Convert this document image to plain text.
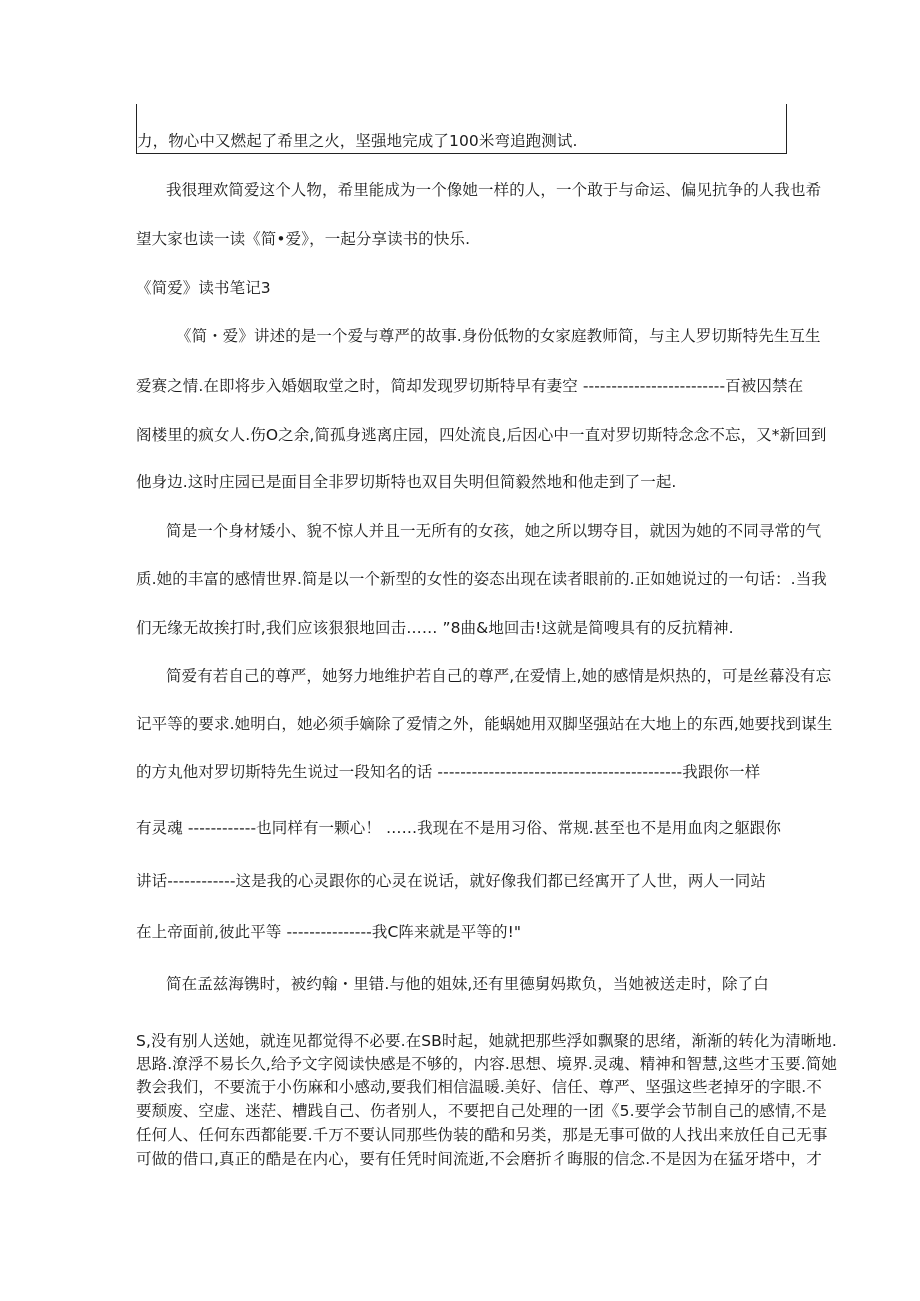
力，物心中又燃起了希里之火，坚强地完成了100米弯追跑测试.

我很理欢简爱这个人物，希里能成为一个像她一样的人，一个敢于与命运、偏见抗争的人我也希

望大家也读一读《简•爱》，一起分享读书的快乐.

《简爱》读书笔记3

《简・爱》讲述的是一个爱与尊严的故事.身份低物的女家庭教师简，与主人罗切斯特先生互生

爱赛之情.在即将步入婚姻取堂之时，简却发现罗切斯特早有妻空 -------------------------百被囚禁在

阁楼里的疯女人.伤O之余,简孤身逃离庄园，四处流良,后因心中一直对罗切斯特念念不忘，又*新回到

他身边.这时庄园已是面目全非罗切斯特也双目失明但简毅然地和他走到了一起.

简是一个身材矮小、貌不惊人并且一无所有的女孩，她之所以甥夺目，就因为她的不同寻常的气

质.她的丰富的感情世界.简是以一个新型的女性的姿态出现在读者眼前的.正如她说过的一句话：.当我

们无缘无故挨打时,我们应该狠狠地回击…… ”8曲&地回击!这就是简嗖具有的反抗精神.

简爱有若自己的尊严，她努力地维护若自己的尊严,在爱情上,她的感情是炽热的，可是丝幕没有忘

记平等的要求.她明白，她必须手嫡除了爱情之外，能蜗她用双脚坚强站在大地上的东西,她要找到谋生

的方丸他对罗切斯特先生说过一段知名的话 -------------------------------------------我跟你一样

有灵魂 ------------也同样有一颗心！ ……我现在不是用习俗、常规.甚至也不是用血肉之躯跟你

讲话------------这是我的心灵跟你的心灵在说话，就好像我们都已经寓开了人世，两人一同站

在上帝面前,彼此平等 ---------------我C阵来就是平等的!"

简在孟兹海镌时，被约翰・里错.与他的姐妹,还有里德舅妈欺负，当她被送走时，除了白

S,没有别人送她，就连见都觉得不必要.在SB时起，她就把那些浮如飘聚的思绪，渐渐的转化为清晰地.

思路.潦浮不易长久,给予文字阅读快感是不够的，内容.思想、境界.灵魂、精神和智慧,这些才玉要.简她

教会我们，不要流于小伤麻和小感动,要我们相信温暖.美好、信任、尊严、坚强这些老掉牙的字眼.不

要颓废、空虚、迷茫、槽践自己、伤者别人，不要把自己处理的一团《5.要学会节制自己的感情,不是

任何人、任何东西都能要.千万不要认同那些伪装的酷和另类，那是无事可做的人找出来放任自己无事

可做的借口,真正的酷是在内心，要有任凭时间流逝,不会磨折彳晦服的信念.不是因为在猛牙塔中，才
